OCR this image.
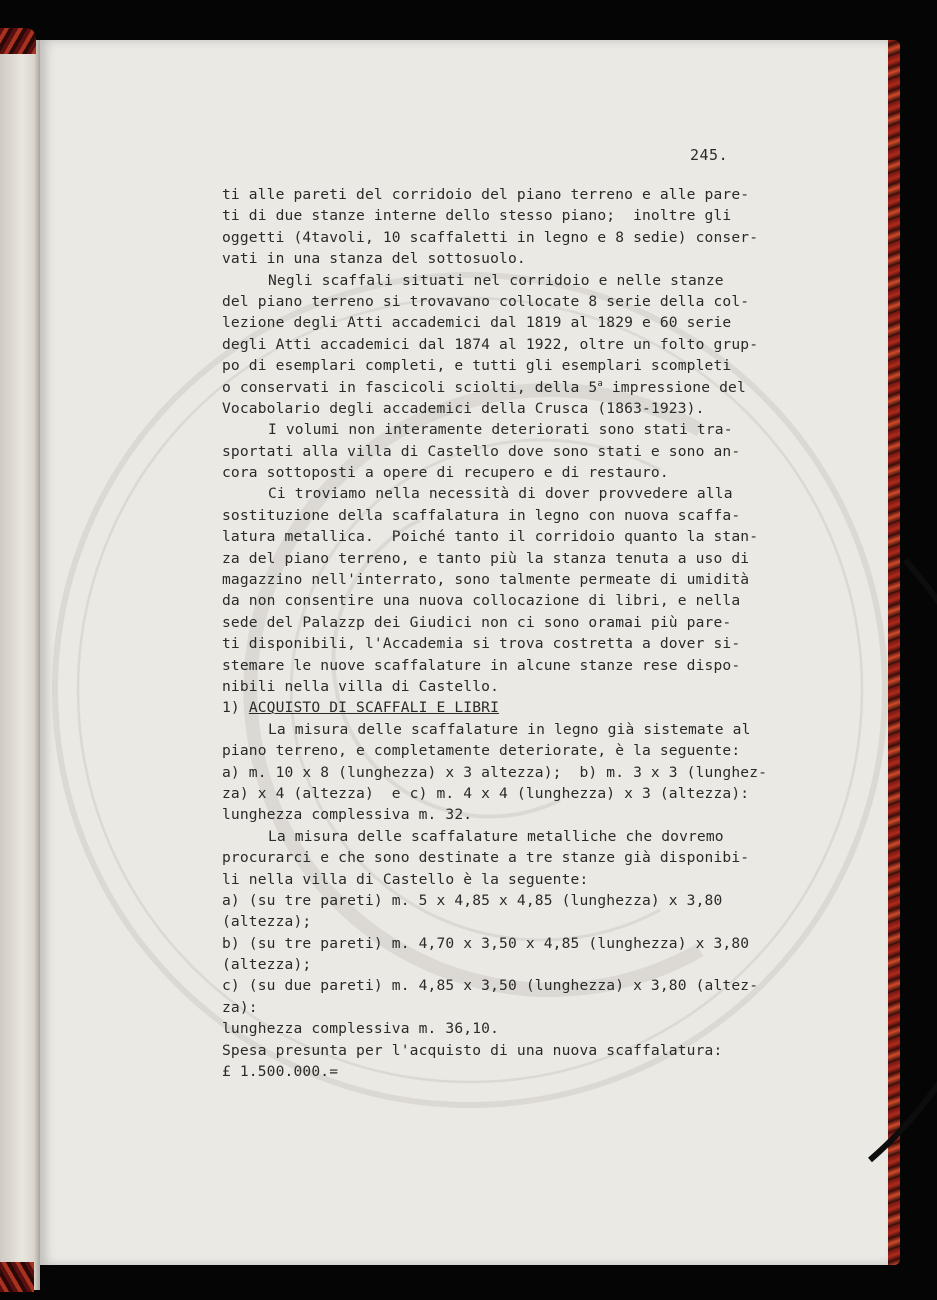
245.
ti alle pareti del corridoio del piano terreno e alle pare-
ti di due stanze interne dello stesso piano;  inoltre gli
oggetti (4tavoli, 10 scaffaletti in legno e 8 sedie) conser-
vati in una stanza del sottosuolo.
Negli scaffali situati nel corridoio e nelle stanze
del piano terreno si trovavano collocate 8 serie della col-
lezione degli Atti accademici dal 1819 al 1829 e 60 serie
degli Atti accademici dal 1874 al 1922, oltre un folto grup-
po di esemplari completi, e tutti gli esemplari scompleti
o conservati in fascicoli sciolti, della 5$^a$ impressione del
Vocabolario degli accademici della Crusca (1863-1923).
I volumi non interamente deteriorati sono stati tra-
sportati alla villa di Castello dove sono stati e sono an-
cora sottoposti a opere di recupero e di restauro.
Ci troviamo nella necessità di dover provvedere alla
sostituzione della scaffalatura in legno con nuova scaffa-
latura metallica.  Poiché tanto il corridoio quanto la stan-
za del piano terreno, e tanto più la stanza tenuta a uso di
magazzino nell'interrato, sono talmente permeate di umidità
da non consentire una nuova collocazione di libri, e nella
sede del Palazzp dei Giudici non ci sono oramai più pare-
ti disponibili, l'Accademia si trova costretta a dover si-
stemare le nuove scaffalature in alcune stanze rese dispo-
nibili nella villa di Castello.
1) ACQUISTO DI SCAFFALI E LIBRI
La misura delle scaffalature in legno già sistemate al
piano terreno, e completamente deteriorate, è la seguente:
a) m. 10 x 8 (lunghezza) x 3 altezza);  b) m. 3 x 3 (lunghez-
za) x 4 (altezza)  e c) m. 4 x 4 (lunghezza) x 3 (altezza):
lunghezza complessiva m. 32.
La misura delle scaffalature metalliche che dovremo
procurarci e che sono destinate a tre stanze già disponibi-
li nella villa di Castello è la seguente:
a) (su tre pareti) m. 5 x 4,85 x 4,85 (lunghezza) x 3,80
(altezza);
b) (su tre pareti) m. 4,70 x 3,50 x 4,85 (lunghezza) x 3,80
(altezza);
c) (su due pareti) m. 4,85 x 3,50 (lunghezza) x 3,80 (altez-
za):
lunghezza complessiva m. 36,10.
Spesa presunta per l'acquisto di una nuova scaffalatura:
£ 1.500.000.=
